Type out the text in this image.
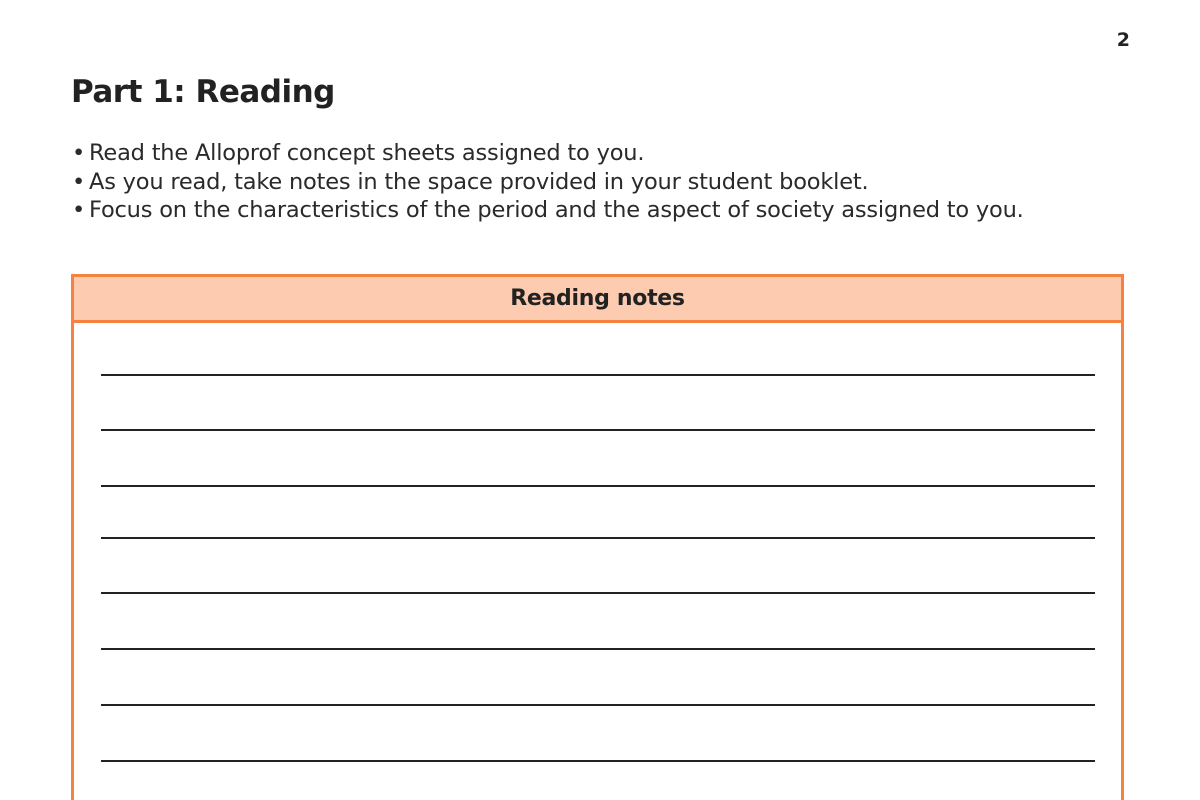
2
Part 1: Reading
• Read the Alloprof concept sheets assigned to you.
• As you read, take notes in the space provided in your student booklet.
• Focus on the characteristics of the period and the aspect of society assigned to you.
Reading notes
